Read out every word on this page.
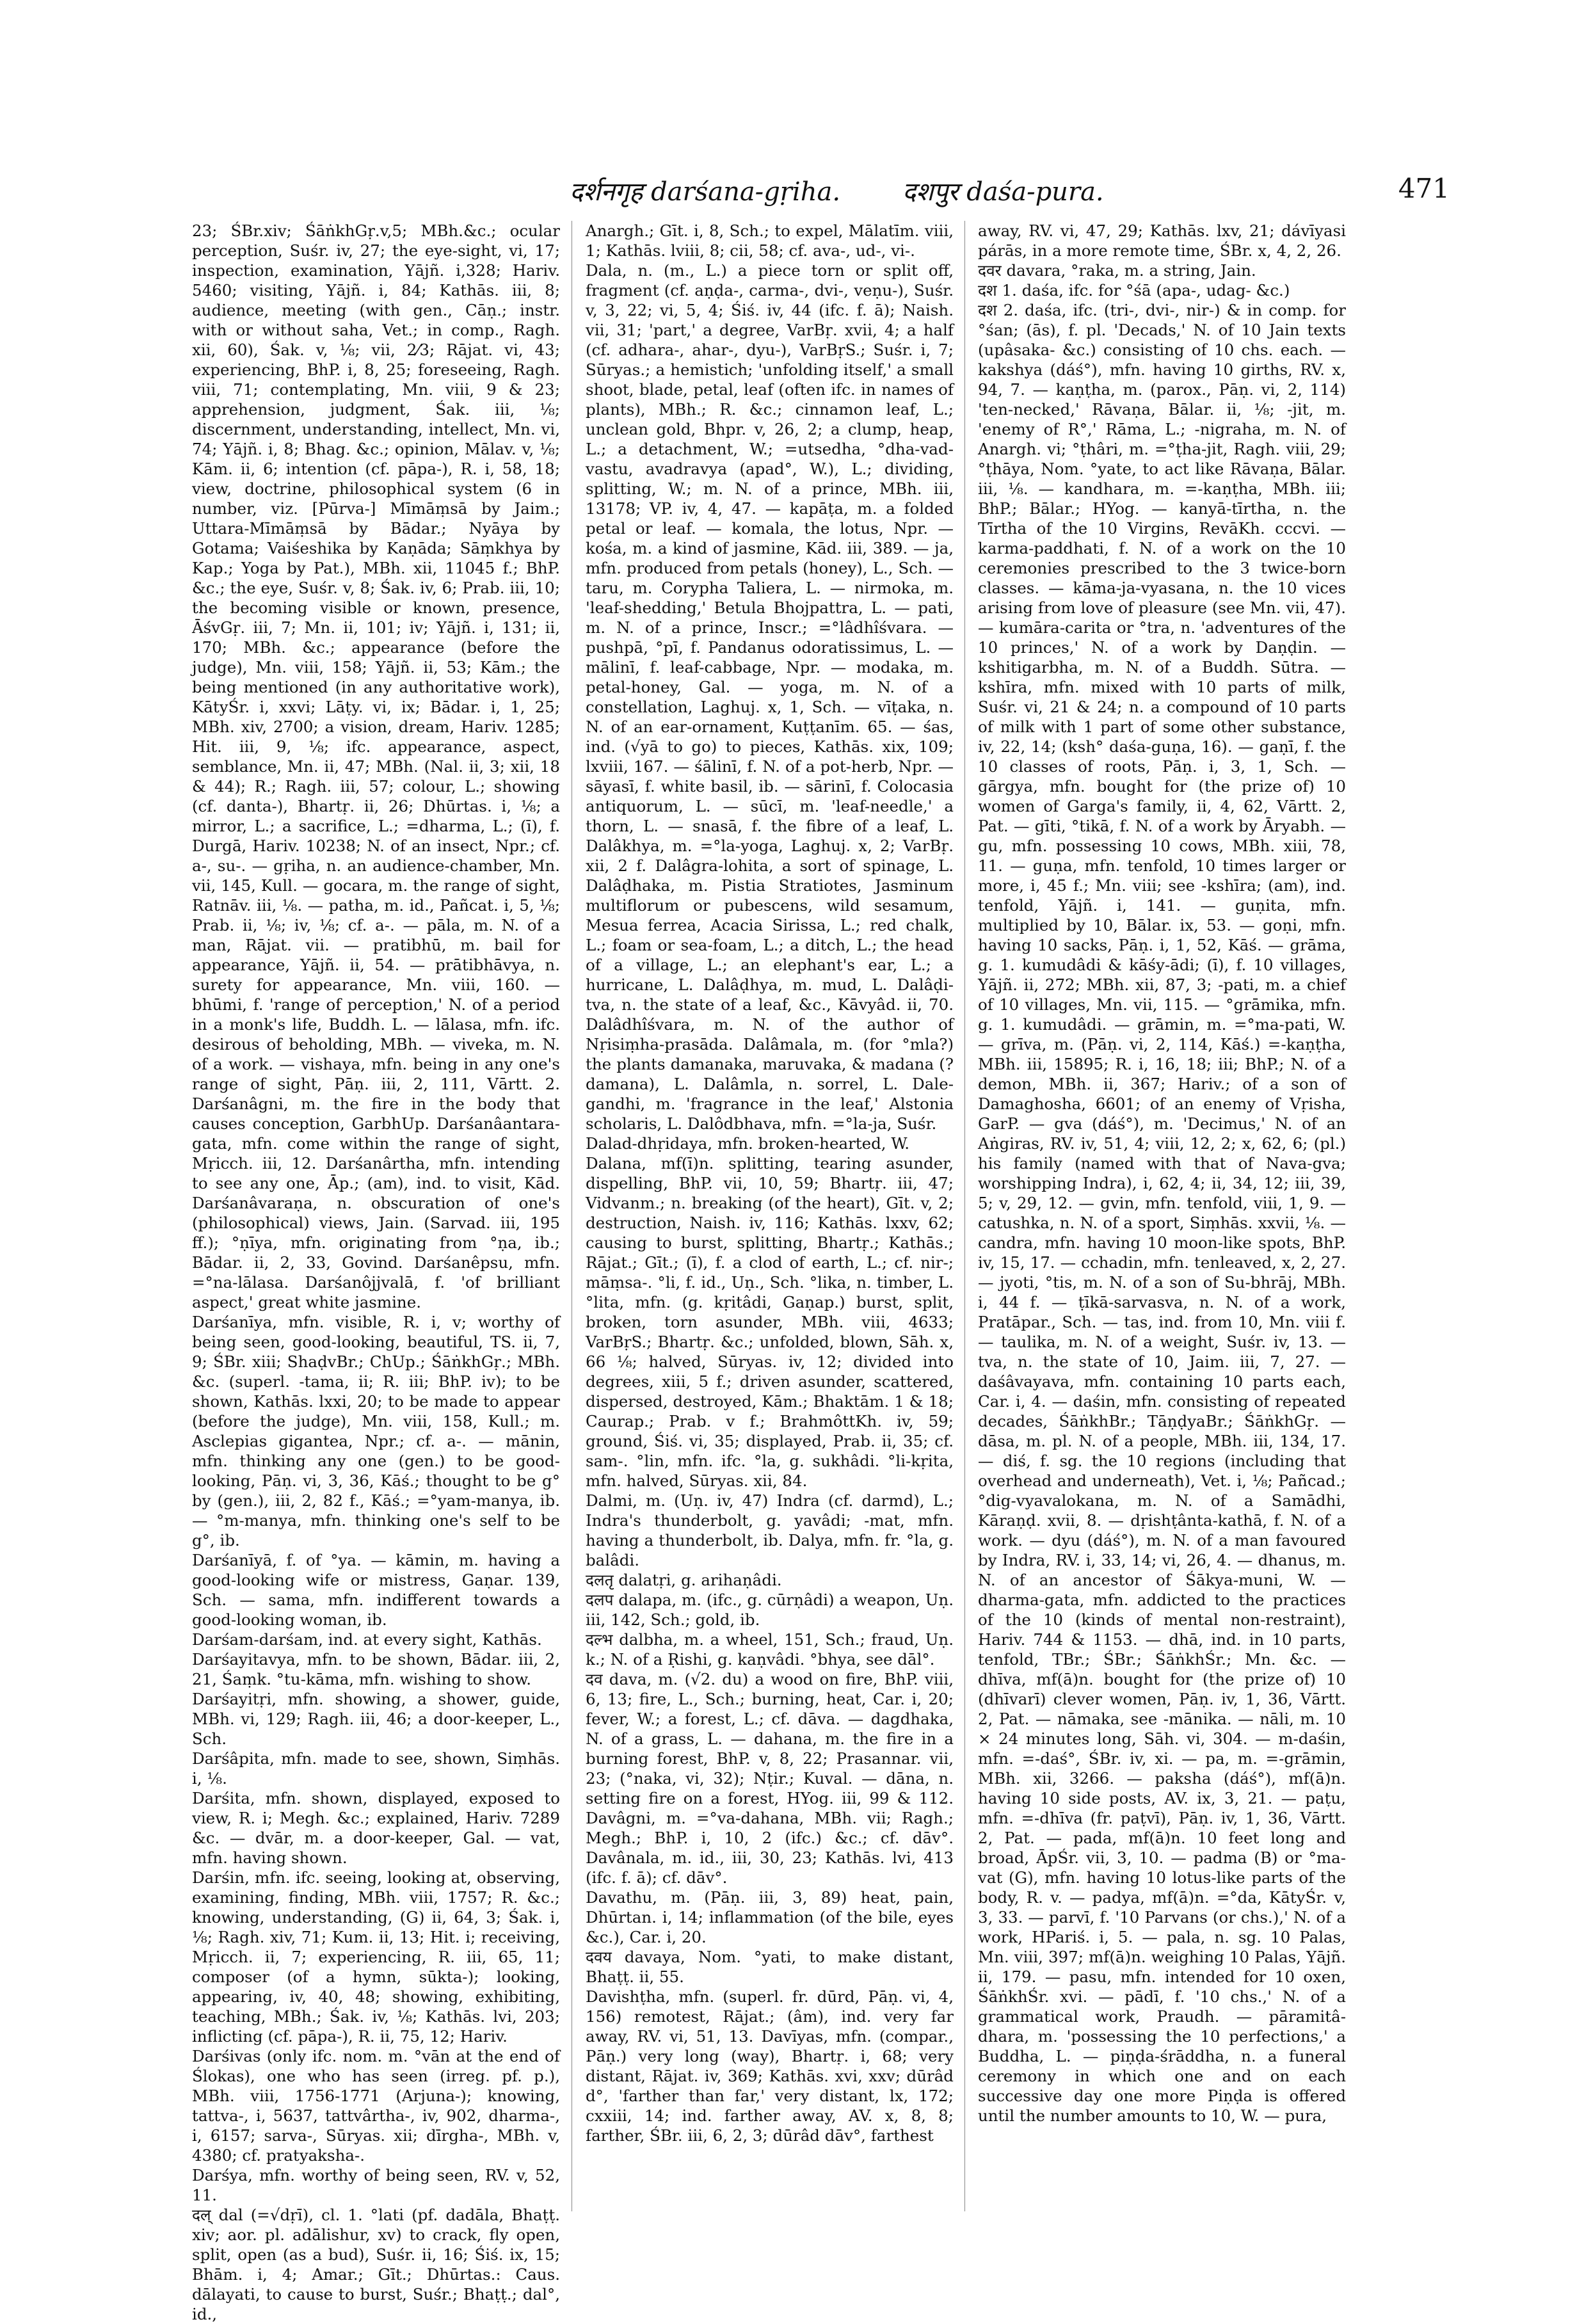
दर्शनगृह darśana-gṛiha. दशपुर daśa-pura.	471

23; ŚBr.xiv; ŚāṅkhGṛ.v,5; MBh.&c.; ocular perception, Suśr. iv, 27; the eye-sight, vi, 17; inspection, examination, Yājñ. i,328; Hariv. 5460; visiting, Yājñ. i, 84; Kathās. iii, 8; audience, meeting (with gen., Cāṇ.; instr. with or without saha, Vet.; in comp., Ragh. xii, 60), Śak. v, ⅛; vii, 2⁄3; Rājat. vi, 43; experiencing, BhP. i, 8, 25; foreseeing, Ragh. viii, 71; contemplating, Mn. viii, 9 & 23; apprehension, judgment, Śak. iii, ⅛; discernment, understanding, intellect, Mn. vi, 74; Yājñ. i, 8; Bhag. &c.; opinion, Mālav. v, ⅛; Kām. ii, 6; intention (cf. pāpa-), R. i, 58, 18; view, doctrine, philosophical system (6 in number, viz. [Pūrva-] Mīmāṃsā by Jaim.; Uttara-Mīmāṃsā by Bādar.; Nyāya by Gotama; Vaiśeshika by Kaṇāda; Sāṃkhya by Kap.; Yoga by Pat.), MBh. xii, 11045 f.; BhP. &c.; the eye, Suśr. v, 8; Śak. iv, 6; Prab. iii, 10; the becoming visible or known, presence, ĀśvGṛ. iii, 7; Mn. ii, 101; iv; Yājñ. i, 131; ii, 170; MBh. &c.; appearance (before the judge), Mn. viii, 158; Yājñ. ii, 53; Kām.; the being mentioned (in any authoritative work), KātyŚr. i, xxvi; Lāṭy. vi, ix; Bādar. i, 1, 25; MBh. xiv, 2700; a vision, dream, Hariv. 1285; Hit. iii, 9, ⅛; ifc. appearance, aspect, semblance, Mn. ii, 47; MBh. (Nal. ii, 3; xii, 18 & 44); R.; Ragh. iii, 57; colour, L.; showing (cf. danta-), Bhartṛ. ii, 26; Dhūrtas. i, ⅛; a mirror, L.; a sacrifice, L.; =dharma, L.; (ī), f. Durgā, Hariv. 10238; N. of an insect, Npr.; cf. a-, su-. — gṛiha, n. an audience-chamber, Mn. vii, 145, Kull. — gocara, m. the range of sight, Ratnāv. iii, ⅛. — patha, m. id., Pañcat. i, 5, ⅛; Prab. ii, ⅛; iv, ⅛; cf. a-. — pāla, m. N. of a man, Rājat. vii. — pratibhū, m. bail for appearance, Yājñ. ii, 54. — prātibhāvya, n. surety for appearance, Mn. viii, 160. — bhūmi, f. 'range of perception,' N. of a period in a monk's life, Buddh. L. — lālasa, mfn. ifc. desirous of beholding, MBh. — viveka, m. N. of a work. — vishaya, mfn. being in any one's range of sight, Pāṇ. iii, 2, 111, Vārtt. 2. Darśanâgni, m. the fire in the body that causes conception, GarbhUp. Darśanâantara-gata, mfn. come within the range of sight, Mṛicch. iii, 12. Darśanârtha, mfn. intending to see any one, Āp.; (am), ind. to visit, Kād. Darśanâvaraṇa, n. obscuration of one's (philosophical) views, Jain. (Sarvad. iii, 195 ff.); °ṇīya, mfn. originating from °ṇa, ib.; Bādar. ii, 2, 33, Govind. Darśanêpsu, mfn. =°na-lālasa. Darśanôjjvalā, f. 'of brilliant aspect,' great white jasmine.

Darśanīya, mfn. visible, R. i, v; worthy of being seen, good-looking, beautiful, TS. ii, 7, 9; ŚBr. xiii; ShaḍvBr.; ChUp.; ŚāṅkhGṛ.; MBh. &c. (superl. -tama, ii; R. iii; BhP. iv); to be shown, Kathās. lxxi, 20; to be made to appear (before the judge), Mn. viii, 158, Kull.; m. Asclepias gigantea, Npr.; cf. a-. — mānin, mfn. thinking any one (gen.) to be good-looking, Pāṇ. vi, 3, 36, Kāś.; thought to be g° by (gen.), iii, 2, 82 f., Kāś.; =°yam-manya, ib. — °m-manya, mfn. thinking one's self to be g°, ib.

Darśanīyā, f. of °ya. — kāmin, m. having a good-looking wife or mistress, Gaṇar. 139, Sch. — sama, mfn. indifferent towards a good-looking woman, ib.

Darśam-darśam, ind. at every sight, Kathās.

Darśayitavya, mfn. to be shown, Bādar. iii, 2, 21, Śaṃk. °tu-kāma, mfn. wishing to show.

Darśayitṛi, mfn. showing, a shower, guide, MBh. vi, 129; Ragh. iii, 46; a door-keeper, L., Sch.

Darśâpita, mfn. made to see, shown, Siṃhās. i, ⅛.

Darśita, mfn. shown, displayed, exposed to view, R. i; Megh. &c.; explained, Hariv. 7289 &c. — dvār, m. a door-keeper, Gal. — vat, mfn. having shown.

Darśin, mfn. ifc. seeing, looking at, observing, examining, finding, MBh. viii, 1757; R. &c.; knowing, understanding, (G) ii, 64, 3; Śak. i, ⅛; Ragh. xiv, 71; Kum. ii, 13; Hit. i; receiving, Mṛicch. ii, 7; experiencing, R. iii, 65, 11; composer (of a hymn, sūkta-); looking, appearing, iv, 40, 48; showing, exhibiting, teaching, MBh.; Śak. iv, ⅛; Kathās. lvi, 203; inflicting (cf. pāpa-), R. ii, 75, 12; Hariv.

Darśivas (only ifc. nom. m. °vān at the end of Ślokas), one who has seen (irreg. pf. p.), MBh. viii, 1756-1771 (Arjuna-); knowing, tattva-, i, 5637, tattvârtha-, iv, 902, dharma-, i, 6157; sarva-, Sūryas. xii; dīrgha-, MBh. v, 4380; cf. pratyaksha-.

Darśya, mfn. worthy of being seen, RV. v, 52, 11.

दल् dal (=√dṛī), cl. 1. °lati (pf. dadāla, Bhaṭṭ. xiv; aor. pl. adālishur, xv) to crack, fly open, split, open (as a bud), Suśr. ii, 16; Śiś. ix, 15; Bhām. i, 4; Amar.; Gīt.; Dhūrtas.: Caus. dālayati, to cause to burst, Suśr.; Bhaṭṭ.; dal°, id.,

Anargh.; Gīt. i, 8, Sch.; to expel, Mālatīm. viii, 1; Kathās. lviii, 8; cii, 58; cf. ava-, ud-, vi-.

Dala, n. (m., L.) a piece torn or split off, fragment (cf. aṇḍa-, carma-, dvi-, veṇu-), Suśr. v, 3, 22; vi, 5, 4; Śiś. iv, 44 (ifc. f. ā); Naish. vii, 31; 'part,' a degree, VarBṛ. xvii, 4; a half (cf. adhara-, ahar-, dyu-), VarBṛS.; Suśr. i, 7; Sūryas.; a hemistich; 'unfolding itself,' a small shoot, blade, petal, leaf (often ifc. in names of plants), MBh.; R. &c.; cinnamon leaf, L.; unclean gold, Bhpr. v, 26, 2; a clump, heap, L.; a detachment, W.; =utsedha, °dha-vad-vastu, avadravya (apad°, W.), L.; dividing, splitting, W.; m. N. of a prince, MBh. iii, 13178; VP. iv, 4, 47. — kapāṭa, m. a folded petal or leaf. — komala, the lotus, Npr. — kośa, m. a kind of jasmine, Kād. iii, 389. — ja, mfn. produced from petals (honey), L., Sch. — taru, m. Corypha Taliera, L. — nirmoka, m. 'leaf-shedding,' Betula Bhojpattra, L. — pati, m. N. of a prince, Inscr.; =°lâdhîśvara. — pushpā, °pī, f. Pandanus odoratissimus, L. — mālinī, f. leaf-cabbage, Npr. — modaka, m. petal-honey, Gal. — yoga, m. N. of a constellation, Laghuj. x, 1, Sch. — vīṭaka, n. N. of an ear-ornament, Kuṭṭanīm. 65. — śas, ind. (√yā to go) to pieces, Kathās. xix, 109; lxviii, 167. — śālinī, f. N. of a pot-herb, Npr. — sāyasī, f. white basil, ib. — sārinī, f. Colocasia antiquorum, L. — sūcī, m. 'leaf-needle,' a thorn, L. — snasā, f. the fibre of a leaf, L. Dalâkhya, m. =°la-yoga, Laghuj. x, 2; VarBṛ. xii, 2 f. Dalâgra-lohita, a sort of spinage, L. Dalâḍhaka, m. Pistia Stratiotes, Jasminum multiflorum or pubescens, wild sesamum, Mesua ferrea, Acacia Sirissa, L.; red chalk, L.; foam or sea-foam, L.; a ditch, L.; the head of a village, L.; an elephant's ear, L.; a hurricane, L. Dalâḍhya, m. mud, L. Dalâḍi-tva, n. the state of a leaf, &c., Kāvyâd. ii, 70. Dalâdhîśvara, m. N. of the author of Nṛisiṃha-prasāda. Dalâmala, m. (for °mla?) the plants damanaka, maruvaka, & madana (?damana), L. Dalâmla, n. sorrel, L. Dale-gandhi, m. 'fragrance in the leaf,' Alstonia scholaris, L. Dalôdbhava, mfn. =°la-ja, Suśr.

Dalad-dhṛidaya, mfn. broken-hearted, W.

Dalana, mf(ī)n. splitting, tearing asunder, dispelling, BhP. vii, 10, 59; Bhartṛ. iii, 47; Vidvanm.; n. breaking (of the heart), Gīt. v, 2; destruction, Naish. iv, 116; Kathās. lxxv, 62; causing to burst, splitting, Bhartṛ.; Kathās.; Rājat.; Gīt.; (ī), f. a clod of earth, L.; cf. nir-; māṃsa-. °li, f. id., Uṇ., Sch. °lika, n. timber, L. °lita, mfn. (g. kṛitâdi, Gaṇap.) burst, split, broken, torn asunder, MBh. viii, 4633; VarBṛS.; Bhartṛ. &c.; unfolded, blown, Sāh. x, 66 ⅛; halved, Sūryas. iv, 12; divided into degrees, xiii, 5 f.; driven asunder, scattered, dispersed, destroyed, Kām.; Bhaktām. 1 & 18; Caurap.; Prab. v f.; BrahmôttKh. iv, 59; ground, Śiś. vi, 35; displayed, Prab. ii, 35; cf. sam-. °lin, mfn. ifc. °la, g. sukhâdi. °li-kṛita, mfn. halved, Sūryas. xii, 84.

Dalmi, m. (Uṇ. iv, 47) Indra (cf. darmd), L.; Indra's thunderbolt, g. yavâdi; -mat, mfn. having a thunderbolt, ib. Dalya, mfn. fr. °la, g. balâdi.

दलतृ dalatṛi, g. arihaṇâdi.

दलप dalapa, m. (ifc., g. cūrṇâdi) a weapon, Uṇ. iii, 142, Sch.; gold, ib.

दल्भ dalbha, m. a wheel, 151, Sch.; fraud, Uṇ. k.; N. of a Ṛishi, g. kaṇvâdi. °bhya, see dāl°.

दव dava, m. (√2. du) a wood on fire, BhP. viii, 6, 13; fire, L., Sch.; burning, heat, Car. i, 20; fever, W.; a forest, L.; cf. dāva. — dagdhaka, N. of a grass, L. — dahana, m. the fire in a burning forest, BhP. v, 8, 22; Prasannar. vii, 23; (°naka, vi, 32); Nṭir.; Kuval. — dāna, n. setting fire on a forest, HYog. iii, 99 & 112. Davâgni, m. =°va-dahana, MBh. vii; Ragh.; Megh.; BhP. i, 10, 2 (ifc.) &c.; cf. dāv°. Davânala, m. id., iii, 30, 23; Kathās. lvi, 413 (ifc. f. ā); cf. dāv°.

Davathu, m. (Pāṇ. iii, 3, 89) heat, pain, Dhūrtan. i, 14; inflammation (of the bile, eyes &c.), Car. i, 20.

दवय davaya, Nom. °yati, to make distant, Bhaṭṭ. ii, 55.

Davishṭha, mfn. (superl. fr. dūrd, Pāṇ. vi, 4, 156) remotest, Rājat.; (âm), ind. very far away, RV. vi, 51, 13. Davīyas, mfn. (compar., Pāṇ.) very long (way), Bhartṛ. i, 68; very distant, Rājat. iv, 369; Kathās. xvi, xxv; dūrâd d°, 'farther than far,' very distant, lx, 172; cxxiii, 14; ind. farther away, AV. x, 8, 8; farther, ŚBr. iii, 6, 2, 3; dūrâd dāv°, farthest

away, RV. vi, 47, 29; Kathās. lxv, 21; dávīyasi párās, in a more remote time, ŚBr. x, 4, 2, 26.

दवर davara, °raka, m. a string, Jain.

दश 1. daśa, ifc. for °śā (apa-, udag- &c.)

दश 2. daśa, ifc. (tri-, dvi-, nir-) & in comp. for °śan; (ās), f. pl. 'Decads,' N. of 10 Jain texts (upâsaka- &c.) consisting of 10 chs. each. — kakshya (dáś°), mfn. having 10 girths, RV. x, 94, 7. — kaṇṭha, m. (parox., Pāṇ. vi, 2, 114) 'ten-necked,' Rāvaṇa, Bālar. ii, ⅛; -jit, m. 'enemy of R°,' Rāma, L.; -nigraha, m. N. of Anargh. vi; °ṭhâri, m. =°ṭha-jit, Ragh. viii, 29; °ṭhāya, Nom. °yate, to act like Rāvaṇa, Bālar. iii, ⅛. — kandhara, m. =-kaṇṭha, MBh. iii; BhP.; Bālar.; HYog. — kanyā-tīrtha, n. the Tīrtha of the 10 Virgins, RevāKh. cccvi. — karma-paddhati, f. N. of a work on the 10 ceremonies prescribed to the 3 twice-born classes. — kāma-ja-vyasana, n. the 10 vices arising from love of pleasure (see Mn. vii, 47). — kumāra-carita or °tra, n. 'adventures of the 10 princes,' N. of a work by Daṇḍin. — kshitigarbha, m. N. of a Buddh. Sūtra. — kshīra, mfn. mixed with 10 parts of milk, Suśr. vi, 21 & 24; n. a compound of 10 parts of milk with 1 part of some other substance, iv, 22, 14; (ksh° daśa-guṇa, 16). — gaṇī, f. the 10 classes of roots, Pāṇ. i, 3, 1, Sch. — gārgya, mfn. bought for (the prize of) 10 women of Garga's family, ii, 4, 62, Vārtt. 2, Pat. — gīti, °tikā, f. N. of a work by Āryabh. — gu, mfn. possessing 10 cows, MBh. xiii, 78, 11. — guṇa, mfn. tenfold, 10 times larger or more, i, 45 f.; Mn. viii; see -kshīra; (am), ind. tenfold, Yājñ. i, 141. — guṇita, mfn. multiplied by 10, Bālar. ix, 53. — goṇi, mfn. having 10 sacks, Pāṇ. i, 1, 52, Kāś. — grāma, g. 1. kumudâdi & kāśy-ādi; (ī), f. 10 villages, Yājñ. ii, 272; MBh. xii, 87, 3; -pati, m. a chief of 10 villages, Mn. vii, 115. — °grāmika, mfn. g. 1. kumudâdi. — grāmin, m. =°ma-pati, W. — grīva, m. (Pāṇ. vi, 2, 114, Kāś.) =-kaṇṭha, MBh. iii, 15895; R. i, 16, 18; iii; BhP.; N. of a demon, MBh. ii, 367; Hariv.; of a son of Damaghosha, 6601; of an enemy of Vṛisha, GarP. — gva (dáś°), m. 'Decimus,' N. of an Aṅgiras, RV. iv, 51, 4; viii, 12, 2; x, 62, 6; (pl.) his family (named with that of Nava-gva; worshipping Indra), i, 62, 4; ii, 34, 12; iii, 39, 5; v, 29, 12. — gvin, mfn. tenfold, viii, 1, 9. — catushka, n. N. of a sport, Siṃhās. xxvii, ⅛. — candra, mfn. having 10 moon-like spots, BhP. iv, 15, 17. — cchadin, mfn. tenleaved, x, 2, 27. — jyoti, °tis, m. N. of a son of Su-bhrāj, MBh. i, 44 f. — ṭīkā-sarvasva, n. N. of a work, Pratāpar., Sch. — tas, ind. from 10, Mn. viii f. — taulika, m. N. of a weight, Suśr. iv, 13. — tva, n. the state of 10, Jaim. iii, 7, 27. — daśâvayava, mfn. containing 10 parts each, Car. i, 4. — daśin, mfn. consisting of repeated decades, ŚāṅkhBr.; TāṇḍyaBr.; ŚāṅkhGṛ. — dāsa, m. pl. N. of a people, MBh. iii, 134, 17. — diś, f. sg. the 10 regions (including that overhead and underneath), Vet. i, ⅛; Pañcad.; °dig-vyavalokana, m. N. of a Samādhi, Kāraṇḍ. xvii, 8. — dṛishṭânta-kathā, f. N. of a work. — dyu (dáś°), m. N. of a man favoured by Indra, RV. i, 33, 14; vi, 26, 4. — dhanus, m. N. of an ancestor of Śākya-muni, W. — dharma-gata, mfn. addicted to the practices of the 10 (kinds of mental non-restraint), Hariv. 744 & 1153. — dhā, ind. in 10 parts, tenfold, TBr.; ŚBr.; ŚāṅkhŚr.; Mn. &c. — dhīva, mf(ā)n. bought for (the prize of) 10 (dhīvarī) clever women, Pāṇ. iv, 1, 36, Vārtt. 2, Pat. — nāmaka, see -mānika. — nāli, m. 10 × 24 minutes long, Sāh. vi, 304. — m-daśin, mfn. =-daś°, ŚBr. iv, xi. — pa, m. =-grāmin, MBh. xii, 3266. — paksha (dáś°), mf(ā)n. having 10 side posts, AV. ix, 3, 21. — paṭu, mfn. =-dhīva (fr. paṭvī), Pāṇ. iv, 1, 36, Vārtt. 2, Pat. — pada, mf(ā)n. 10 feet long and broad, ĀpŚr. vii, 3, 10. — padma (B) or °ma-vat (G), mfn. having 10 lotus-like parts of the body, R. v. — padya, mf(ā)n. =°da, KātyŚr. v, 3, 33. — parvī, f. '10 Parvans (or chs.),' N. of a work, HPariś. i, 5. — pala, n. sg. 10 Palas, Mn. viii, 397; mf(ā)n. weighing 10 Palas, Yājñ. ii, 179. — pasu, mfn. intended for 10 oxen, ŚāṅkhŚr. xvi. — pādī, f. '10 chs.,' N. of a grammatical work, Praudh. — pāramitâ-dhara, m. 'possessing the 10 perfections,' a Buddha, L. — piṇḍa-śrāddha, n. a funeral ceremony in which one and on each successive day one more Piṇḍa is offered until the number amounts to 10, W. — pura,
